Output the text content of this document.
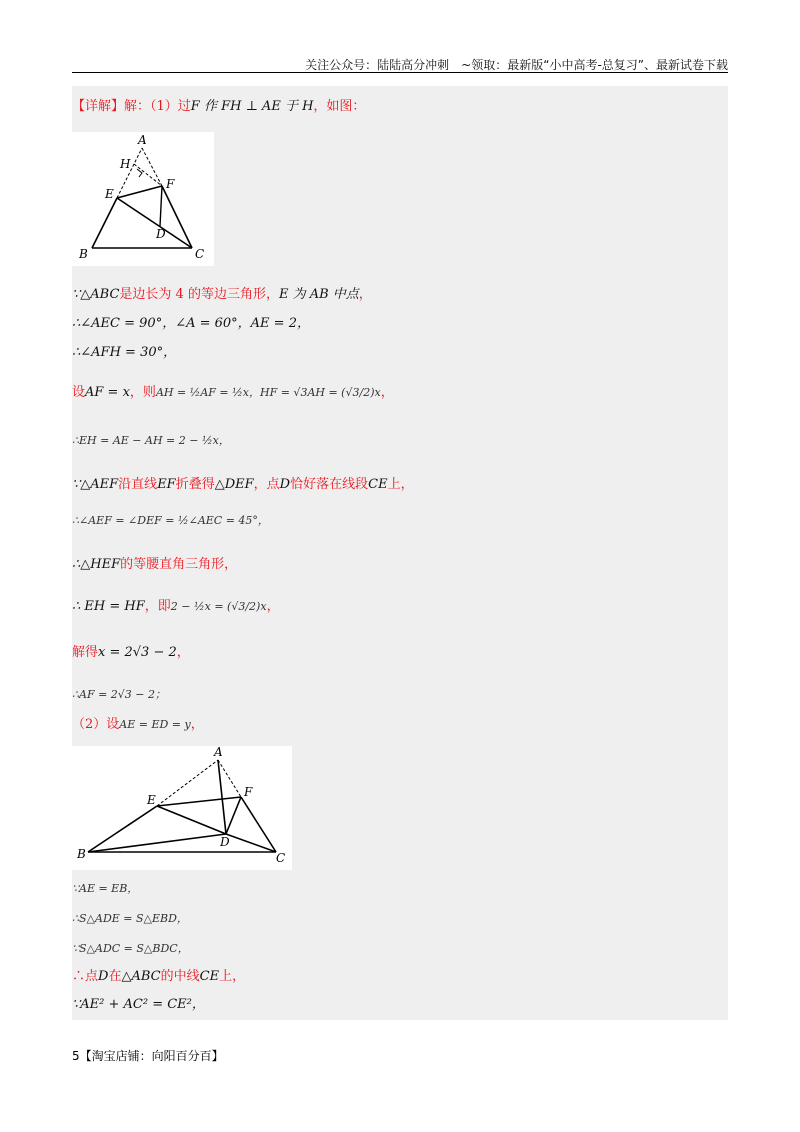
关注公众号：陆陆高分冲刺　~领取：最新版“小中高考-总复习”、最新试卷下载
【详解】解：（1）过F 作 FH ⊥ AE 于 H，如图：
A
H
F
E
D
B	C
∵△ABC是边长为 4 的等边三角形，E 为 AB 中点，
∴∠AEC = 90°，∠A = 60°，AE = 2，
∴∠AFH = 30°，
设AF = x，则AH = ½AF = ½x，HF = √3AH = (√3/2)x，
∴EH = AE − AH = 2 − ½x，
∵△AEF沿直线EF折叠得△DEF，点D恰好落在线段CE上，
∴∠AEF = ∠DEF = ½∠AEC = 45°，
∴△HEF的等腰直角三角形，
∴ EH = HF，即2 − ½x = (√3/2)x，
解得x = 2√3 − 2，
∴AF = 2√3 − 2；
（2）设AE = ED = y，
A
F
E
D
B	C
∵AE = EB，
∴S△ADE = S△EBD，
∵S△ADC = S△BDC，
∴点D在△ABC的中线CE上，
∵AE² + AC² = CE²，
5【淘宝店铺：向阳百分百】
